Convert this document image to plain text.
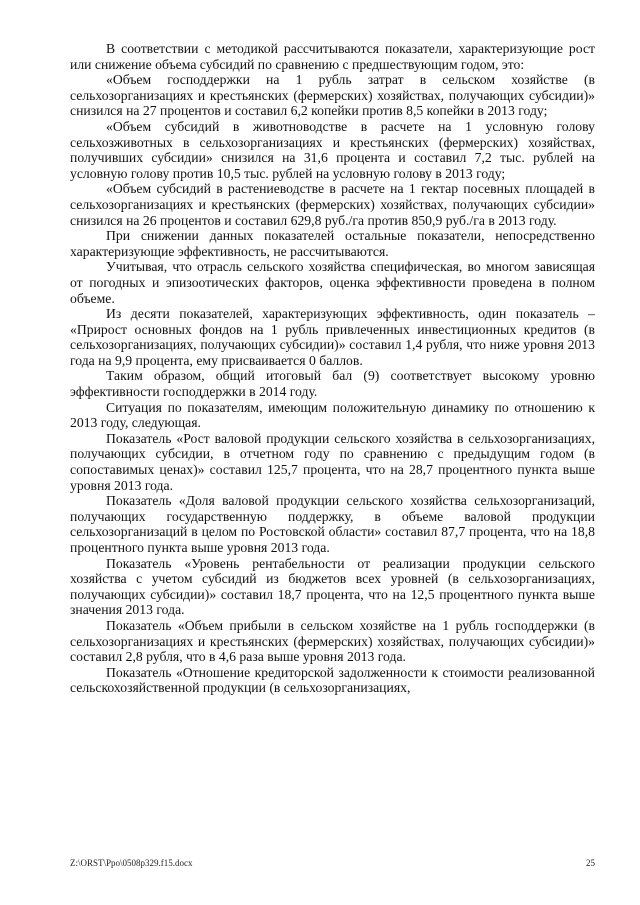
В соответствии с методикой рассчитываются показатели, характеризующие рост или снижение объема субсидий по сравнению с предшествующим годом, это:

«Объем господдержки на 1 рубль затрат в сельском хозяйстве (в сельхозорганизациях и крестьянских (фермерских) хозяйствах, получающих субсидии)» снизился на 27 процентов и составил 6,2 копейки против 8,5 копейки в 2013 году;

«Объем субсидий в животноводстве в расчете на 1 условную голову сельхозживотных в сельхозорганизациях и крестьянских (фермерских) хозяйствах, получивших субсидии» снизился на 31,6 процента и составил 7,2 тыс. рублей на условную голову против 10,5 тыс. рублей на условную голову в 2013 году;

«Объем субсидий в растениеводстве в расчете на 1 гектар посевных площадей в сельхозорганизациях и крестьянских (фермерских) хозяйствах, получающих субсидии» снизился на 26 процентов и составил 629,8 руб./га против 850,9 руб./га в 2013 году.

При снижении данных показателей остальные показатели, непосредственно характеризующие эффективность, не рассчитываются.

Учитывая, что отрасль сельского хозяйства специфическая, во многом зависящая от погодных и эпизоотических факторов, оценка эффективности проведена в полном объеме.

Из десяти показателей, характеризующих эффективность, один показатель – «Прирост основных фондов на 1 рубль привлеченных инвестиционных кредитов (в сельхозорганизациях, получающих субсидии)» составил 1,4 рубля, что ниже уровня 2013 года на 9,9 процента, ему присваивается 0 баллов.

Таким образом, общий итоговый бал (9) соответствует высокому уровню эффективности господдержки в 2014 году.

Ситуация по показателям, имеющим положительную динамику по отношению к 2013 году, следующая.

Показатель «Рост валовой продукции сельского хозяйства в сельхозорганизациях, получающих субсидии, в отчетном году по сравнению с предыдущим годом (в сопоставимых ценах)» составил 125,7 процента, что на 28,7 процентного пункта выше уровня 2013 года.

Показатель «Доля валовой продукции сельского хозяйства сельхозорганизаций, получающих государственную поддержку, в объеме валовой продукции сельхозорганизаций в целом по Ростовской области» составил 87,7 процента, что на 18,8 процентного пункта выше уровня 2013 года.

Показатель «Уровень рентабельности от реализации продукции сельского хозяйства с учетом субсидий из бюджетов всех уровней (в сельхозорганизациях, получающих субсидии)» составил 18,7 процента, что на 12,5 процентного пункта выше значения 2013 года.

Показатель «Объем прибыли в сельском хозяйстве на 1 рубль господдержки (в сельхозорганизациях и крестьянских (фермерских) хозяйствах, получающих субсидии)» составил 2,8 рубля, что в 4,6 раза выше уровня 2013 года.

Показатель «Отношение кредиторской задолженности к стоимости реализованной сельскохозяйственной продукции (в сельхозорганизациях,

Z:\ORST\Ppo\0508p329.f15.docx	25
